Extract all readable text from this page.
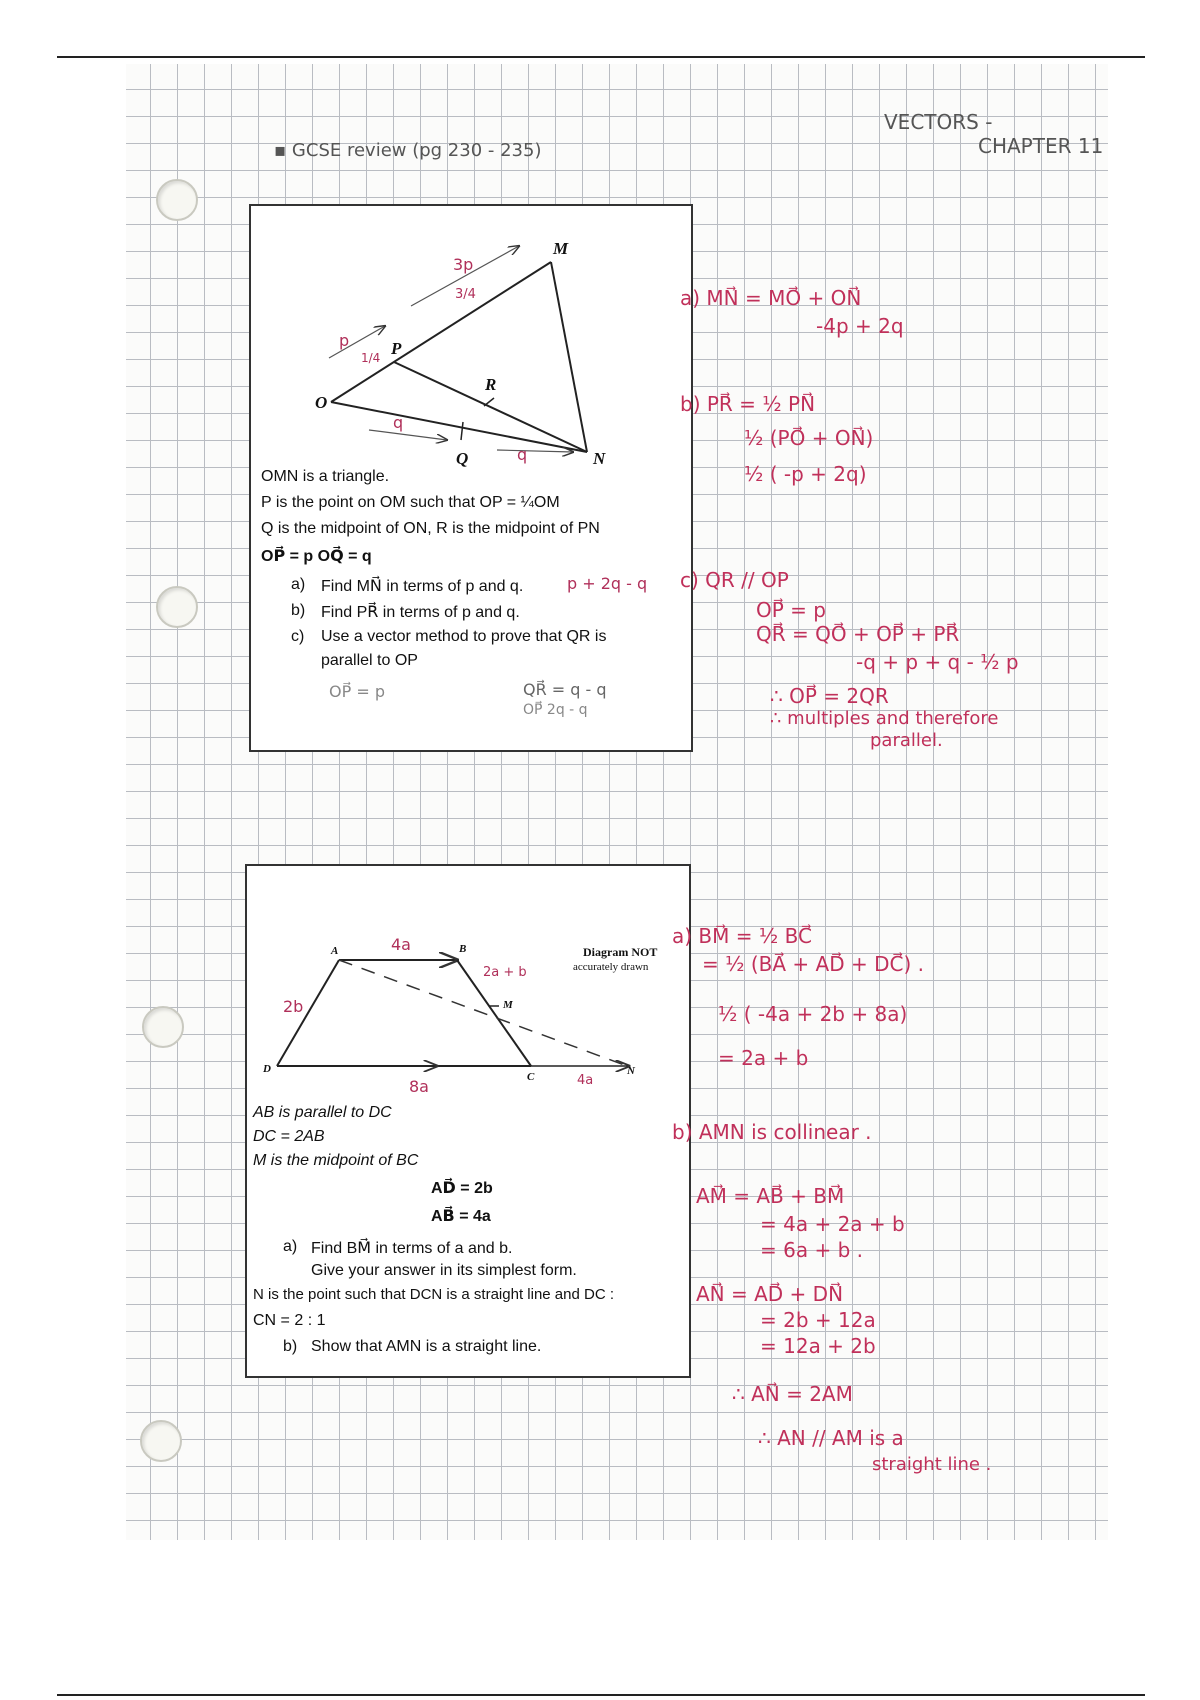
VECTORS -
CHAPTER 11
▪ GCSE review (pg 230 - 235)
M
P
R
O
Q	N
3p
3/4
p
1/4
q
q
OMN is a triangle.
P is the point on OM such that OP = ¼OM
Q is the midpoint of ON, R is the midpoint of PN
OP⃗ = p OQ⃗ = q
a) Find MN⃗ in terms of p and q.
b) Find PR⃗ in terms of p and q.
c) Use a vector method to prove that QR is
parallel to OP
p + 2q - q
OP⃗ = p	QR⃗ = q - q
OP⃗ 2q - q
a) MN⃗ = MO⃗ + ON⃗
-4p + 2q
b) PR⃗ = ½ PN⃗
½ (PO⃗ + ON⃗)
½ ( -p + 2q)
c) QR // OP
OP⃗ = p
QR⃗ = QO⃗ + OP⃗ + PR⃗
-q + p + q - ½ p
∴ OP⃗ = 2QR
∴ multiples and therefore
parallel.
A	B
M
D
C	N
4a
2a + b
2b
8a	4a
Diagram NOT
accurately drawn
AB is parallel to DC
DC = 2AB
M is the midpoint of BC
AD⃗ = 2b
AB⃗ = 4a
a) Find BM⃗ in terms of a and b.
Give your answer in its simplest form.
N is the point such that DCN is a straight line and DC :
CN = 2 : 1
b) Show that AMN is a straight line.
a) BM⃗ = ½ BC⃗
= ½ (BA⃗ + AD⃗ + DC⃗) .
½ ( -4a + 2b + 8a)
= 2a + b
b) AMN is collinear .
AM⃗ = AB⃗ + BM⃗
= 4a + 2a + b
= 6a + b .
AN⃗ = AD⃗ + DN⃗
= 2b + 12a
= 12a + 2b
∴ AN⃗ = 2AM
∴ AN // AM is a
straight line .
